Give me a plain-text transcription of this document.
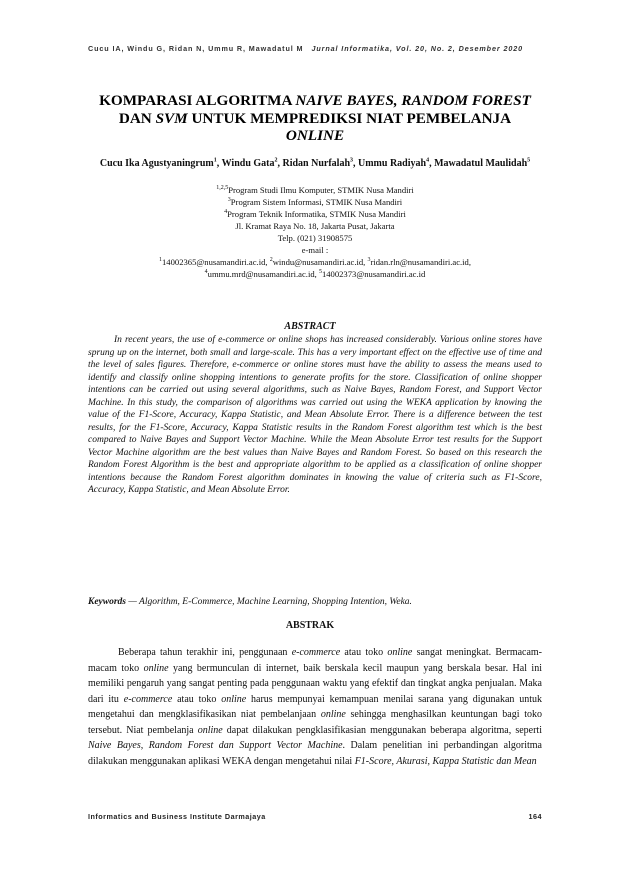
Cucu IA, Windu G, Ridan N, Ummu R, Mawadatul M Jurnal Informatika, Vol. 20, No. 2, Desember 2020
KOMPARASI ALGORITMA NAIVE BAYES, RANDOM FOREST DAN SVM UNTUK MEMPREDIKSI NIAT PEMBELANJA ONLINE
Cucu Ika Agustyaningrum$^1$, Windu Gata$^2$, Ridan Nurfalah$^3$, Ummu Radiyah$^4$, Mawadatul Maulidah$^5$
$^{1,2,5}$Program Studi Ilmu Komputer, STMIK Nusa Mandiri
$^3$Program Sistem Informasi, STMIK Nusa Mandiri
$^4$Program Teknik Informatika, STMIK Nusa Mandiri
Jl. Kramat Raya No. 18, Jakarta Pusat, Jakarta
Telp. (021) 31908575
e-mail :
$^1$14002365@nusamandiri.ac.id, $^2$windu@nusamandiri.ac.id, $^3$ridan.rln@nusamandiri.ac.id,
$^4$ummu.mrd@nusamandiri.ac.id, $^5$14002373@nusamandiri.ac.id
ABSTRACT
In recent years, the use of e-commerce or online shops has increased considerably. Various online stores have sprung up on the internet, both small and large-scale. This has a very important effect on the effective use of time and the level of sales figures. Therefore, e-commerce or online stores must have the ability to assess the means used to identify and classify online shopping intentions to generate profits for the store. Classification of online shopper intentions can be carried out using several algorithms, such as Naive Bayes, Random Forest, and Support Vector Machine. In this study, the comparison of algorithms was carried out using the WEKA application by knowing the value of the F1-Score, Accuracy, Kappa Statistic, and Mean Absolute Error. There is a difference between the test results, for the F1-Score, Accuracy, Kappa Statistic results in the Random Forest algorithm test which is the best compared to Naive Bayes and Support Vector Machine. While the Mean Absolute Error test results for the Support Vector Machine algorithm are the best values than Naive Bayes and Random Forest. So based on this research the Random Forest Algorithm is the best and appropriate algorithm to be applied as a classification of online shopper intentions because the Random Forest algorithm dominates in knowing the value of criteria such as F1-Score, Accuracy, Kappa Statistic, and Mean Absolute Error.
Keywords — Algorithm, E-Commerce, Machine Learning, Shopping Intention, Weka.
ABSTRAK
Beberapa tahun terakhir ini, penggunaan e-commerce atau toko online sangat meningkat. Bermacam-macam toko online yang bermunculan di internet, baik berskala kecil maupun yang berskala besar. Hal ini memiliki pengaruh yang sangat penting pada penggunaan waktu yang efektif dan tingkat angka penjualan. Maka dari itu e-commerce atau toko online harus mempunyai kemampuan menilai sarana yang digunakan untuk mengetahui dan mengklasifikasikan niat pembelanjaan online sehingga menghasilkan keuntungan bagi toko tersebut. Niat pembelanja online dapat dilakukan pengklasifikasian menggunakan beberapa algoritma, seperti Naive Bayes, Random Forest dan Support Vector Machine. Dalam penelitian ini perbandingan algoritma dilakukan menggunakan aplikasi WEKA dengan mengetahui nilai F1-Score, Akurasi, Kappa Statistic dan Mean
Informatics and Business Institute Darmajaya	164
